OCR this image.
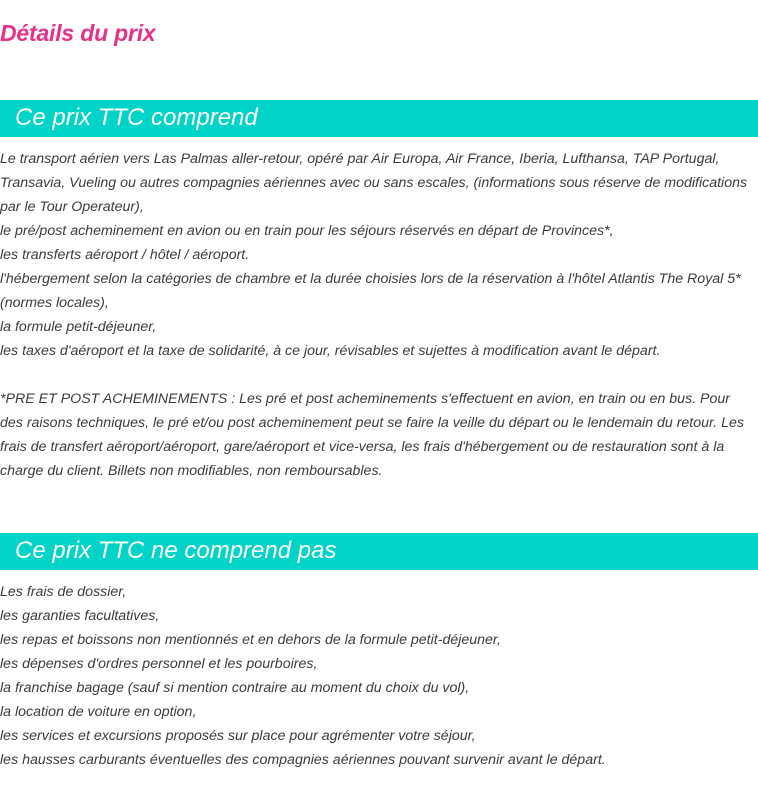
Détails du prix
Ce prix TTC comprend
Le transport aérien vers Las Palmas aller-retour, opéré par Air Europa, Air France, Iberia, Lufthansa, TAP Portugal, Transavia, Vueling ou autres compagnies aériennes avec ou sans escales, (informations sous réserve de modifications par le Tour Operateur),
le pré/post acheminement en avion ou en train pour les séjours réservés en départ de Provinces*,
les transferts aéroport / hôtel / aéroport.
l'hébergement selon la catégories de chambre et la durée choisies lors de la réservation à l'hôtel Atlantis The Royal 5* (normes locales),
la formule petit-déjeuner,
les taxes d'aéroport et la taxe de solidarité, à ce jour, révisables et sujettes à modification avant le départ.
*PRE ET POST ACHEMINEMENTS : Les pré et post acheminements s'effectuent en avion, en train ou en bus. Pour des raisons techniques, le pré et/ou post acheminement peut se faire la veille du départ ou le lendemain du retour. Les frais de transfert aéroport/aéroport, gare/aéroport et vice-versa, les frais d'hébergement ou de restauration sont à la charge du client. Billets non modifiables, non remboursables.
Ce prix TTC ne comprend pas
Les frais de dossier,
les garanties facultatives,
les repas et boissons non mentionnés et en dehors de la formule petit-déjeuner,
les dépenses d'ordres personnel et les pourboires,
la franchise bagage (sauf si mention contraire au moment du choix du vol),
la location de voiture en option,
les services et excursions proposés sur place pour agrémenter votre séjour,
les hausses carburants éventuelles des compagnies aériennes pouvant survenir avant le départ.
